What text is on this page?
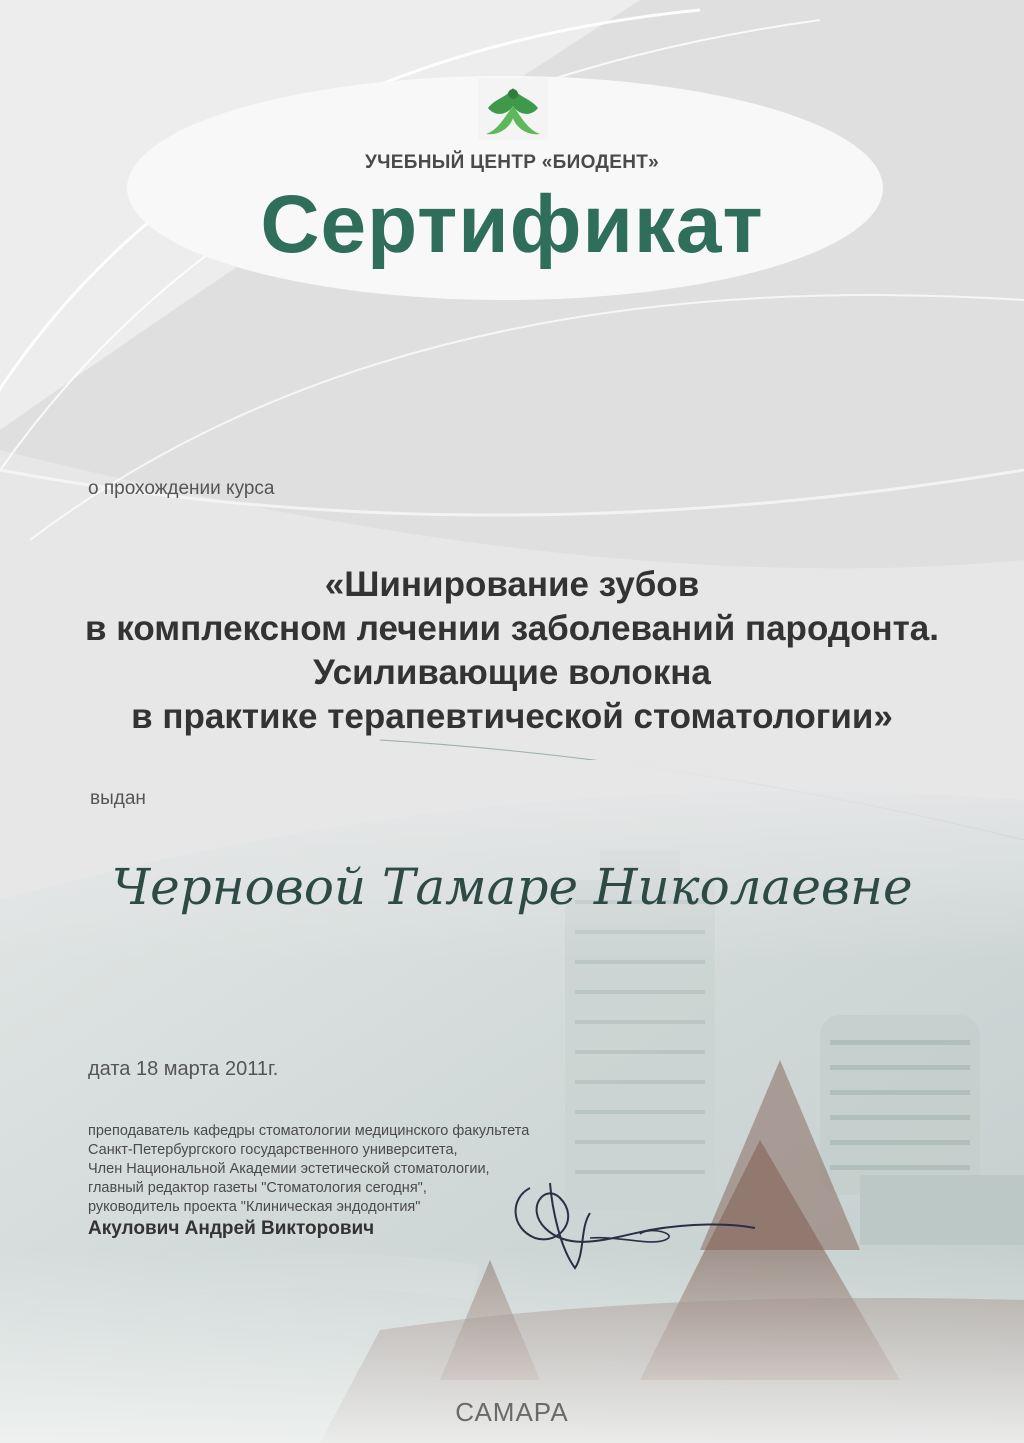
УЧЕБНЫЙ ЦЕНТР «БИОДЕНТ»
Сертификат
о прохождении курса
«Шинирование зубов
в комплексном лечении заболеваний пародонта.
Усиливающие волокна
в практике терапевтической стоматологии»
выдан
Черновой Тамаре Николаевне
дата 18 марта 2011г.
преподаватель кафедры стоматологии медицинского факультета
Санкт-Петербургского государственного университета,
Член Национальной Академии эстетической стоматологии,
главный редактор газеты "Стоматология сегодня",
руководитель проекта "Клиническая эндодонтия"
Акулович Андрей Викторович
САМАРА
